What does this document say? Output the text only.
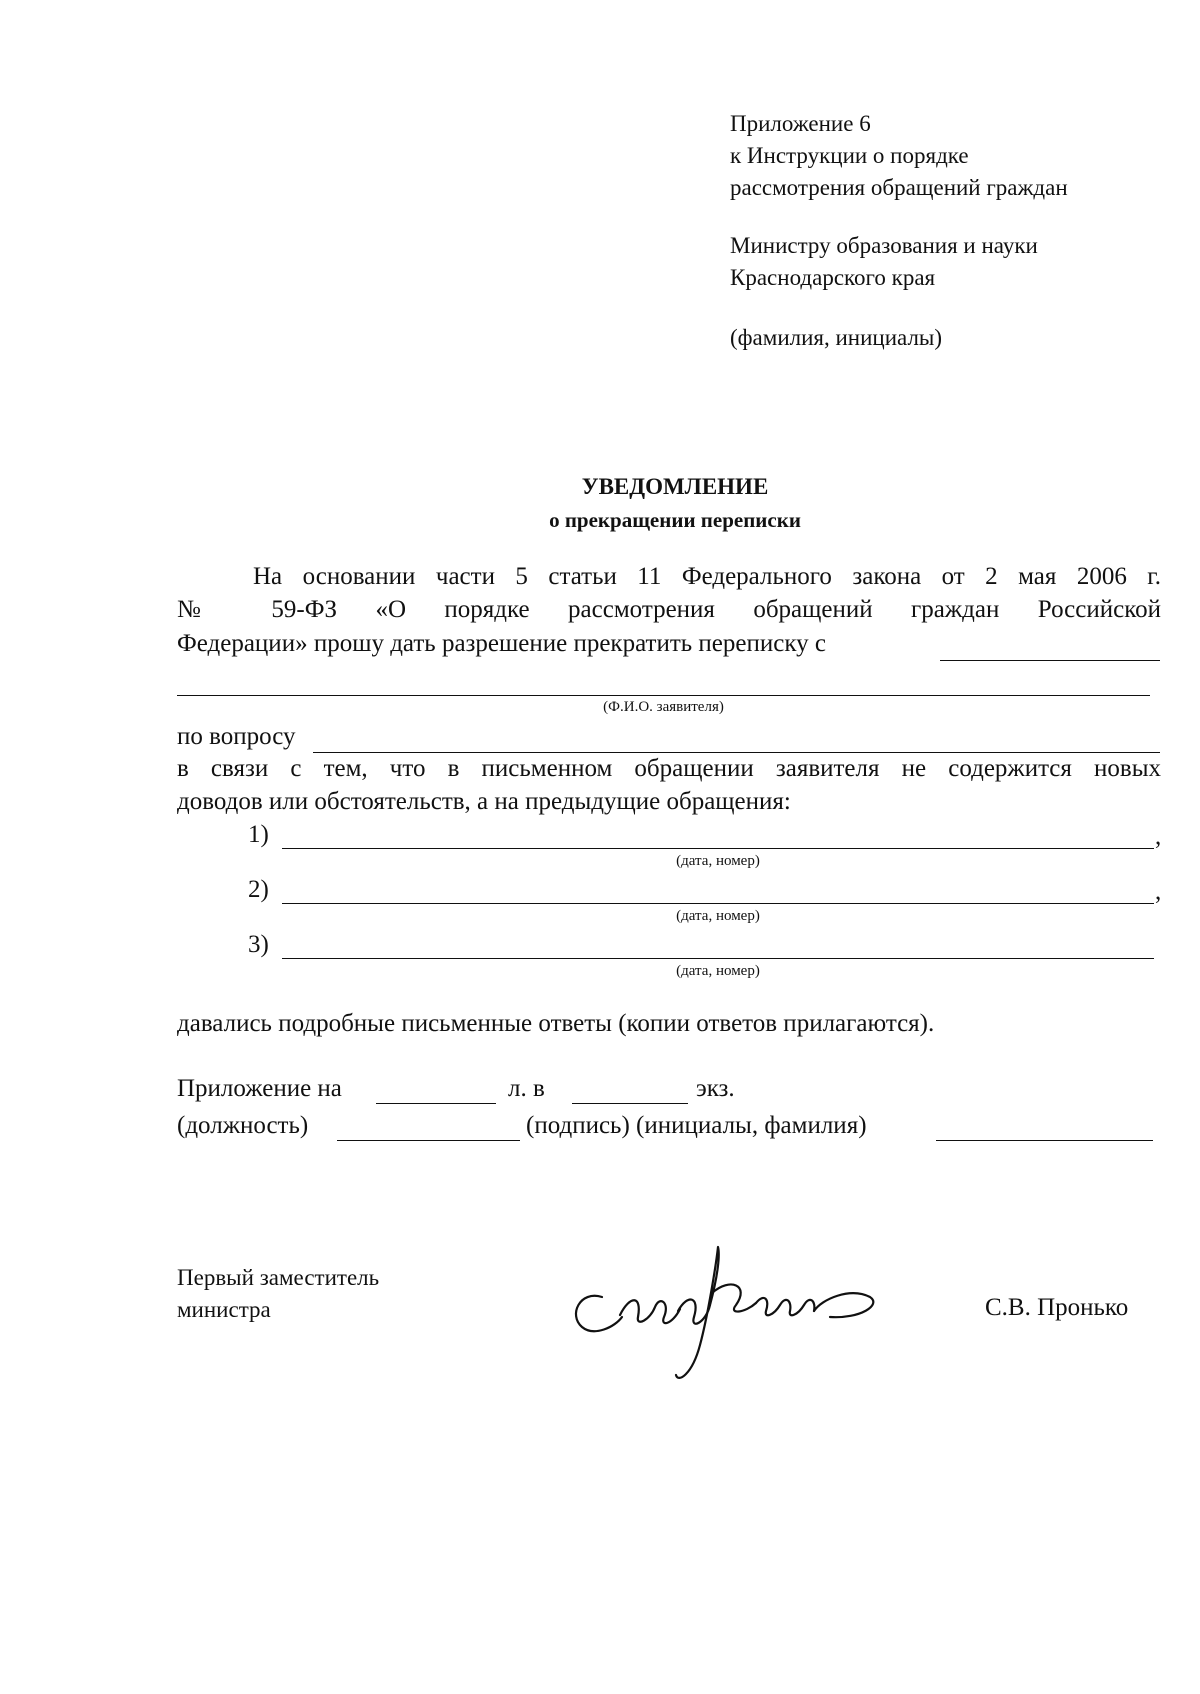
Приложение 6
к Инструкции о порядке
рассмотрения обращений граждан
Министру образования и науки
Краснодарского края
(фамилия, инициалы)
УВЕДОМЛЕНИЕ
о прекращении переписки
На основании части 5 статьи 11 Федерального закона от 2 мая 2006 г.
№ 59-ФЗ «О порядке рассмотрения обращений граждан Российской
Федерации» прошу дать разрешение прекратить переписку с
(Ф.И.О. заявителя)
по вопросу
в связи с тем, что в письменном обращении заявителя не содержится новых
доводов или обстоятельств, а на предыдущие обращения:
1)	,
(дата, номер)
2)	,
(дата, номер)
3)
(дата, номер)
давались подробные письменные ответы (копии ответов прилагаются).
Приложение на	л. в	экз.
(должность)	(подпись) (инициалы, фамилия)
Первый заместитель
министра	С.В. Пронько
